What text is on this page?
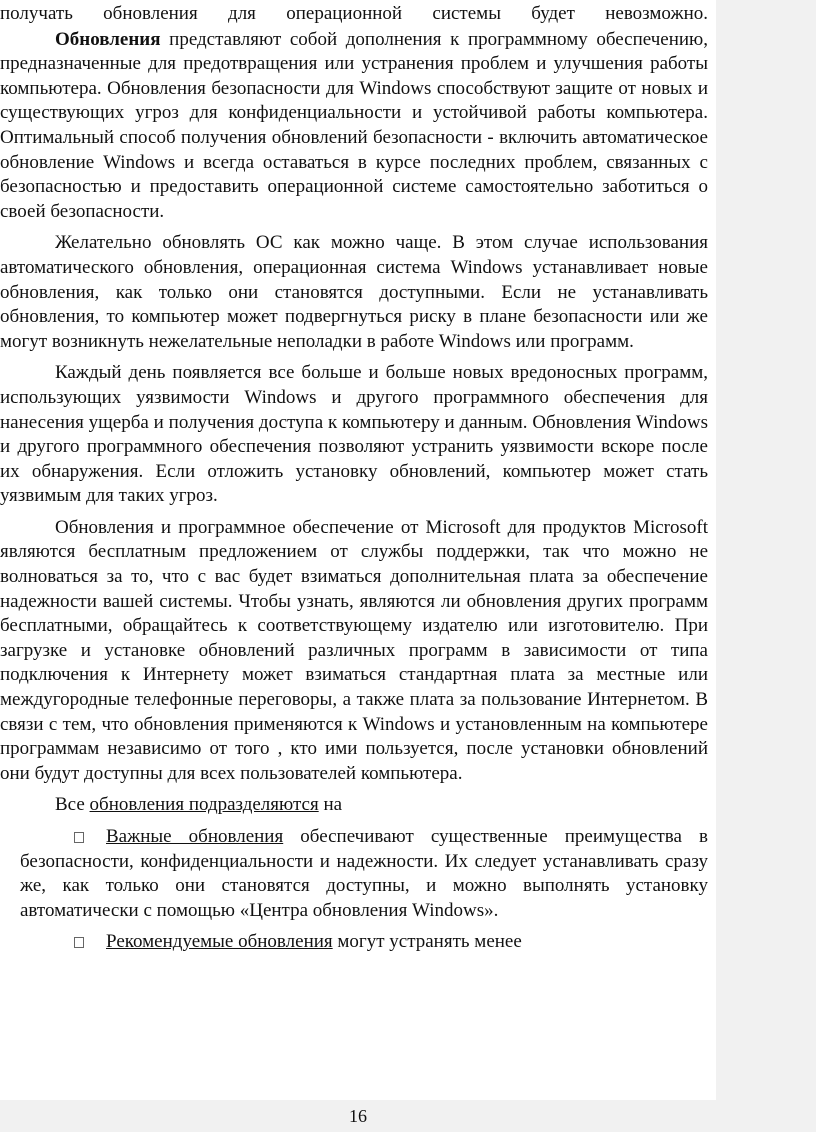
получать обновления для операционной системы будет невозможно.

Обновления представляют собой дополнения к программному обеспечению, предназначенные для предотвращения или устранения проблем и улучшения работы компьютера. Обновления безопасности для Windows способствуют защите от новых и существующих угроз для конфиденциальности и устойчивой работы компьютера. Оптимальный способ получения обновлений безопасности - включить автоматическое обновление Windows и всегда оставаться в курсе последних проблем, связанных с безопасностью и предоставить операционной системе самостоятельно заботиться о своей безопасности.

Желательно обновлять ОС как можно чаще. В этом случае использования автоматического обновления, операционная система Windows устанавливает новые обновления, как только они становятся доступными. Если не устанавливать обновления, то компьютер может подвергнуться риску в плане безопасности или же могут возникнуть нежелательные неполадки в работе Windows или программ.

Каждый день появляется все больше и больше новых вредоносных программ, использующих уязвимости Windows и другого программного обеспечения для нанесения ущерба и получения доступа к компьютеру и данным. Обновления Windows и другого программного обеспечения позволяют устранить уязвимости вскоре после их обнаружения. Если отложить установку обновлений, компьютер может стать уязвимым для таких угроз.

Обновления и программное обеспечение от Microsoft для продуктов Microsoft являются бесплатным предложением от службы поддержки, так что можно не волноваться за то, что с вас будет взиматься дополнительная плата за обеспечение надежности вашей системы. Чтобы узнать, являются ли обновления других программ бесплатными, обращайтесь к соответствующему издателю или изготовителю. При загрузке и установке обновлений различных программ в зависимости от типа подключения к Интернету может взиматься стандартная плата за местные или междугородные телефонные переговоры, а также плата за пользование Интернетом. В связи с тем, что обновления применяются к Windows и установленным на компьютере программам независимо от того , кто ими пользуется, после установки обновлений они будут доступны для всех пользователей компьютера.

Все обновления подразделяются на

Важные обновления обеспечивают существенные преимущества в безопасности, конфиденциальности и надежности. Их следует устанавливать сразу же, как только они становятся доступны, и можно выполнять установку автоматически с помощью «Центра обновления Windows».

Рекомендуемые обновления могут устранять менее

16
